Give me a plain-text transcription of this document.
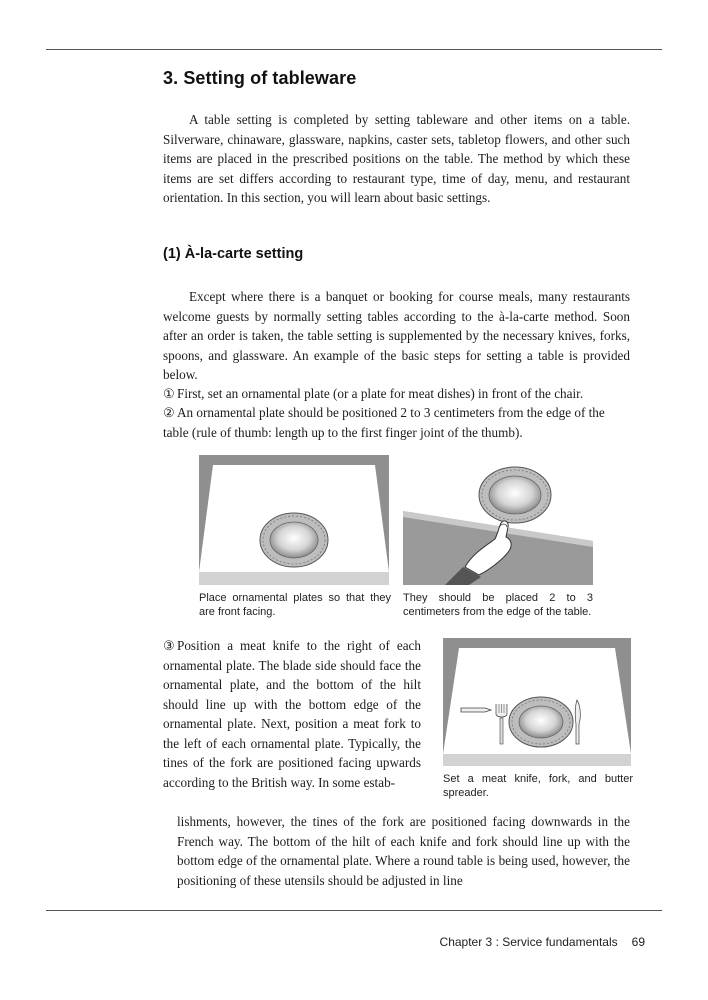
3. Setting of tableware

A table setting is completed by setting tableware and other items on a table. Silverware, chinaware, glassware, napkins, caster sets, tabletop flowers, and other such items are placed in the prescribed positions on the table. The method by which these items are set differs according to restaurant type, time of day, menu, and restaurant orientation. In this section, you will learn about basic settings.

(1) À-la-carte setting

Except where there is a banquet or booking for course meals, many restaurants welcome guests by normally setting tables according to the à-la-carte method. Soon after an order is taken, the table setting is supplemented by the necessary knives, forks, spoons, and glassware. An example of the basic steps for setting a table is provided below.

① First, set an ornamental plate (or a plate for meat dishes) in front of the chair.
② An ornamental plate should be positioned 2 to 3 centimeters from the edge of the table (rule of thumb: length up to the first finger joint of the thumb).

Place ornamental plates so that they are front facing.

They should be placed 2 to 3 centimeters from the edge of the table.

③ Position a meat knife to the right of each ornamental plate. The blade side should face the ornamental plate, and the bottom of the hilt should line up with the bottom edge of the ornamental plate. Next, position a meat fork to the left of each ornamental plate. Typically, the tines of the fork are positioned facing upwards according to the British way. In some estab-	Set a meat knife, fork, and butter spreader.

lishments, however, the tines of the fork are positioned facing downwards in the French way. The bottom of the hilt of each knife and fork should line up with the bottom edge of the ornamental plate. Where a round table is being used, however, the positioning of these utensils should be adjusted in line

Chapter 3 : Service fundamentals 69
